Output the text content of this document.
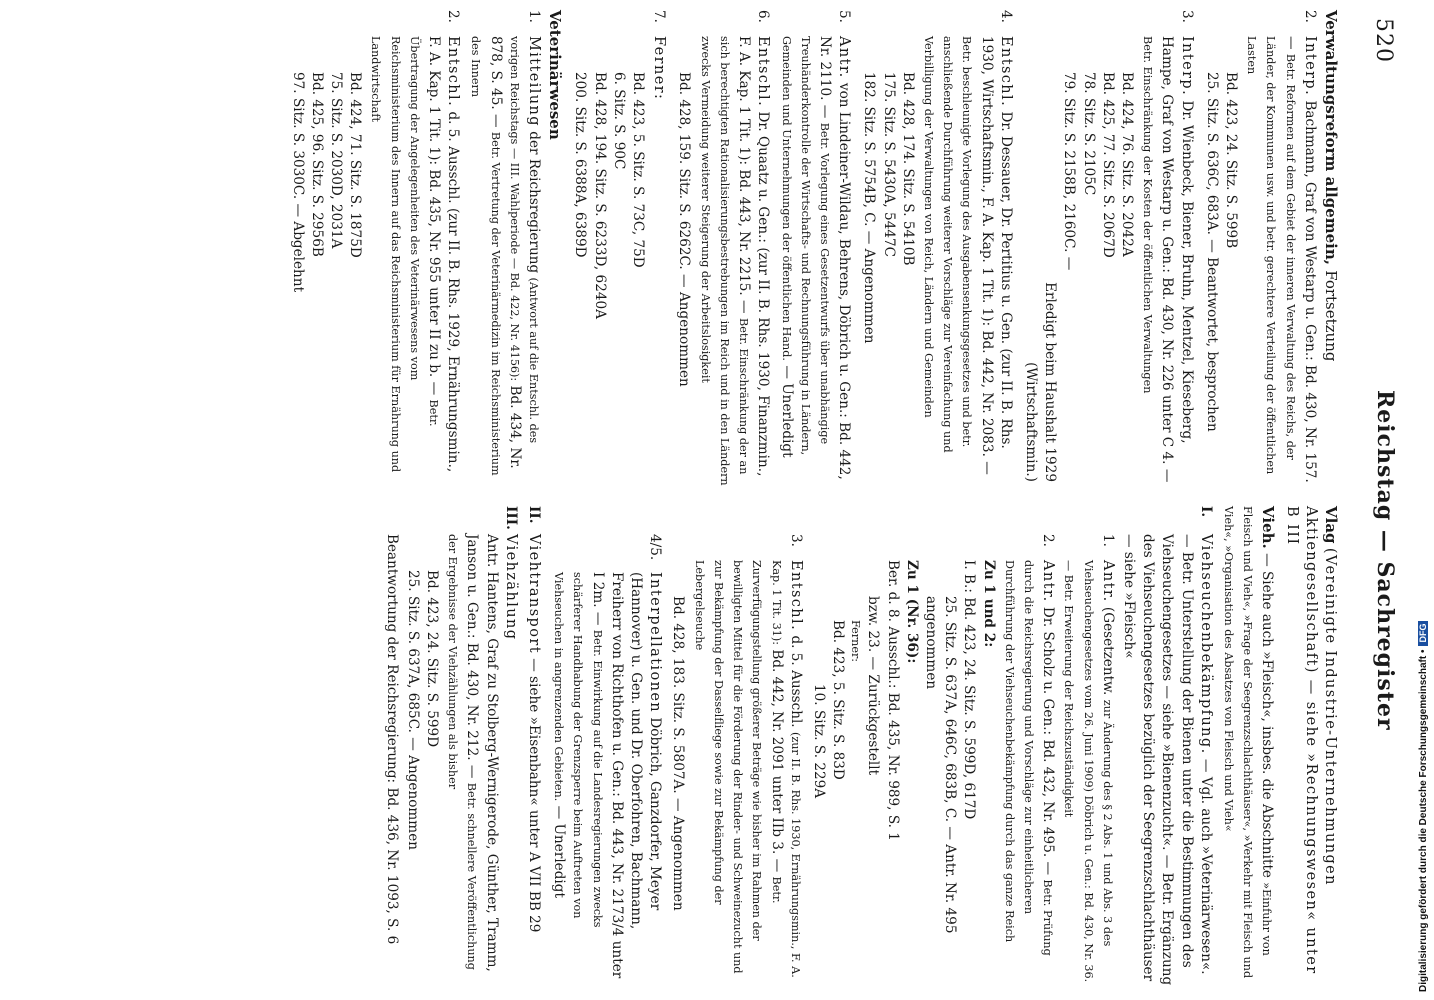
520
Reichstag — Sachregister
Verwaltungsreform allgemein, Fortsetzung
2.
Interp. Bachmann, Graf von Westarp u. Gen.: Bd. 430, Nr. 157. — Betr. Reformen auf dem Gebiet der inneren Verwaltung des Reichs, der Länder, der Kommunen usw. und betr. gerechtere Verteilung der öffentlichen Lasten
Bd. 423, 24. Sitz. S. 599B
25. Sitz. S. 636C, 683A. — Beantwortet, besprochen
3.
Interp. Dr. Wienbeck, Biener, Bruhn, Mentzel, Kieseberg, Hampe, Graf von Westarp u. Gen.: Bd. 430, Nr. 226 unter C 4. — Betr. Einschränkung der Kosten der öffentlichen Verwaltungen
Bd. 424, 76. Sitz. S. 2042A
Bd. 425, 77. Sitz. S. 2067D
78. Sitz. S. 2105C
79. Sitz. S. 2158B, 2160C. —
Erledigt beim Haushalt 1929
(Wirtschaftsmin.)
4.
Entschl. Dr. Dessauer, Dr. Pertitius u. Gen. (zur II. B. Rhs. 1930, Wirtschaftsmin., F. A. Kap. 1 Tit. 1): Bd. 442, Nr. 2083. — Betr. beschleunigte Vorlegung des Ausgabensenkungsgesetzes und betr. anschließende Durchführung weiterer Vorschläge zur Vereinfachung und Verbilligung der Verwaltungen von Reich, Ländern und Gemeinden
Bd. 428, 174. Sitz. S. 5410B
175. Sitz. S. 5430A, 5447C
182. Sitz. S. 5754B, C. — Angenommen
5.
Antr. von Lindeiner-Wildau, Behrens, Döbrich u. Gen.: Bd. 442, Nr. 2110. — Betr. Vorlegung eines Gesetzentwurfs über unabhängige Treuhänderkontrolle der Wirtschafts- und Rechnungsführung in Ländern, Gemeinden und Unternehmungen der öffentlichen Hand. — Unerledigt
6.
Entschl. Dr. Quaatz u. Gen.: (zur II. B. Rhs. 1930, Finanzmin., F. A. Kap. 1 Tit. 1): Bd. 443, Nr. 2215. — Betr. Einschränkung der an sich berechtigten Rationalisierungsbestrebungen im Reich und in den Ländern zwecks Vermeidung weiterer Steigerung der Arbeitslosigkeit
Bd. 428, 159. Sitz. S. 6262C. — Angenommen
7.
Ferner:
Bd. 423, 5. Sitz. S. 73C, 75D
6. Sitz. S. 90C
Bd. 428, 194. Sitz. S. 6233D, 6240A
200. Sitz. S. 6388A, 6389D
Veterinärwesen
1.
Mitteilung der Reichsregierung (Antwort auf die Entschl. des vorigen Reichstags — III. Wahlperiode — Bd. 422, Nr. 4156): Bd. 434, Nr. 878, S. 45. — Betr. Vertretung der Veterinärmedizin im Reichsministerium des Innern
2.
Entschl. d. 5. Ausschl. (zur II. B. Rhs. 1929, Ernährungsmin., F. A. Kap. 1 Tit. 1): Bd. 435, Nr. 955 unter II zu b. — Betr. Übertragung der Angelegenheiten des Veterinärwesens vom Reichsministerium des Innern auf das Reichsministerium für Ernährung und Landwirtschaft
Bd. 424, 71. Sitz. S. 1875D
75. Sitz. S. 2030D, 2031A
Bd. 425, 96. Sitz. S. 2956B
97. Sitz. S. 3030C. — Abgelehnt
Vlag (Vereinigte Industrie-Unternehmungen Aktiengesellschaft) — siehe »Rechnungswesen« unter B III
Vieh. — Siehe auch »Fleisch«, insbes. die Abschnitte »Einfuhr von Fleisch und Vieh«, »Frage der Seegrenzschlachthäuser«, »Verkehr mit Fleisch und Vieh«, »Organisation des Absatzes von Fleisch und Vieh«
I.
Viehseuchenbekämpfung. — Vgl. auch »Veterinärwesen«. — Betr. Unterstellung der Bienen unter die Bestimmungen des Viehseuchengesetzes — siehe »Bienenzucht«. — Betr. Ergänzung des Viehseuchengesetzes bezüglich der Seegrenzschlachthäuser — siehe »Fleisch«
1.
Antr. (Gesetzentw. zur Änderung des § 2 Abs. 1 und Abs. 3 des Viehseuchengesetzes vom 26. Juni 1909) Döbrich u. Gen.: Bd. 430, Nr. 36. — Betr. Erweiterung der Reichszuständigkeit
2.
Antr. Dr. Scholz u. Gen.: Bd. 432, Nr. 495. — Betr. Prüfung durch die Reichsregierung und Vorschläge zur einheitlicheren Durchführung der Viehseuchenbekämpfung durch das ganze Reich
Zu 1 und 2:
I. B.: Bd. 423, 24. Sitz. S. 599D, 617D
25. Sitz. S. 637A, 646C, 683B, C. — Antr. Nr. 495 angenommen
Zu 1 (Nr. 36):
Ber. d. 8. Ausschl.: Bd. 435, Nr. 989, S. 1
bzw. 23. — Zurückgestellt
Ferner:
Bd. 423, 5. Sitz. S. 83D
10. Sitz. S. 229A
3.
Entschl. d. 5. Ausschl. (zur II. B. Rhs. 1930, Ernährungsmin., F. A. Kap. 1 Tit. 31): Bd. 442, Nr. 2091 unter IIb 3. — Betr. Zurverfügungstellung größerer Beträge wie bisher im Rahmen der bewilligten Mittel für die Förderung der Rinder- und Schweinezucht und zur Bekämpfung der Dasselfliege sowie zur Bekämpfung der Lebergelseuche
Bd. 428, 183. Sitz. S. 5807A. — Angenommen
4/5.
Interpellationen Döbrich, Ganzdorfer, Meyer (Hannover) u. Gen. und Dr. Oberfohren, Bachmann, Freiherr von Richthofen u. Gen.: Bd. 443, Nr. 2173/4 unter I 2m. — Betr. Einwirkung auf die Landesregierungen zwecks schärferer Handhabung der Grenzsperre beim Auftreten von Viehseuchen in angrenzenden Gebieten. — Unerledigt
II.
Viehtransport — siehe »Eisenbahn« unter A VII BB 29
III.
Viehzählung
Antr. Hantens, Graf zu Stolberg-Wernigerode, Günther, Tramm, Janson u. Gen.: Bd. 430, Nr. 212. — Betr. schnellere Veröffentlichung der Ergebnisse der Viehzählungen als bisher
Bd. 423, 24. Sitz. S. 599D
25. Sitz. S. 637A, 685C. — Angenommen
Beantwortung der Reichsregierung: Bd. 436, Nr. 1093, S. 6	Digitalisierung gefördert durch die Deutsche Forschungsgemeinschaft •DFG
